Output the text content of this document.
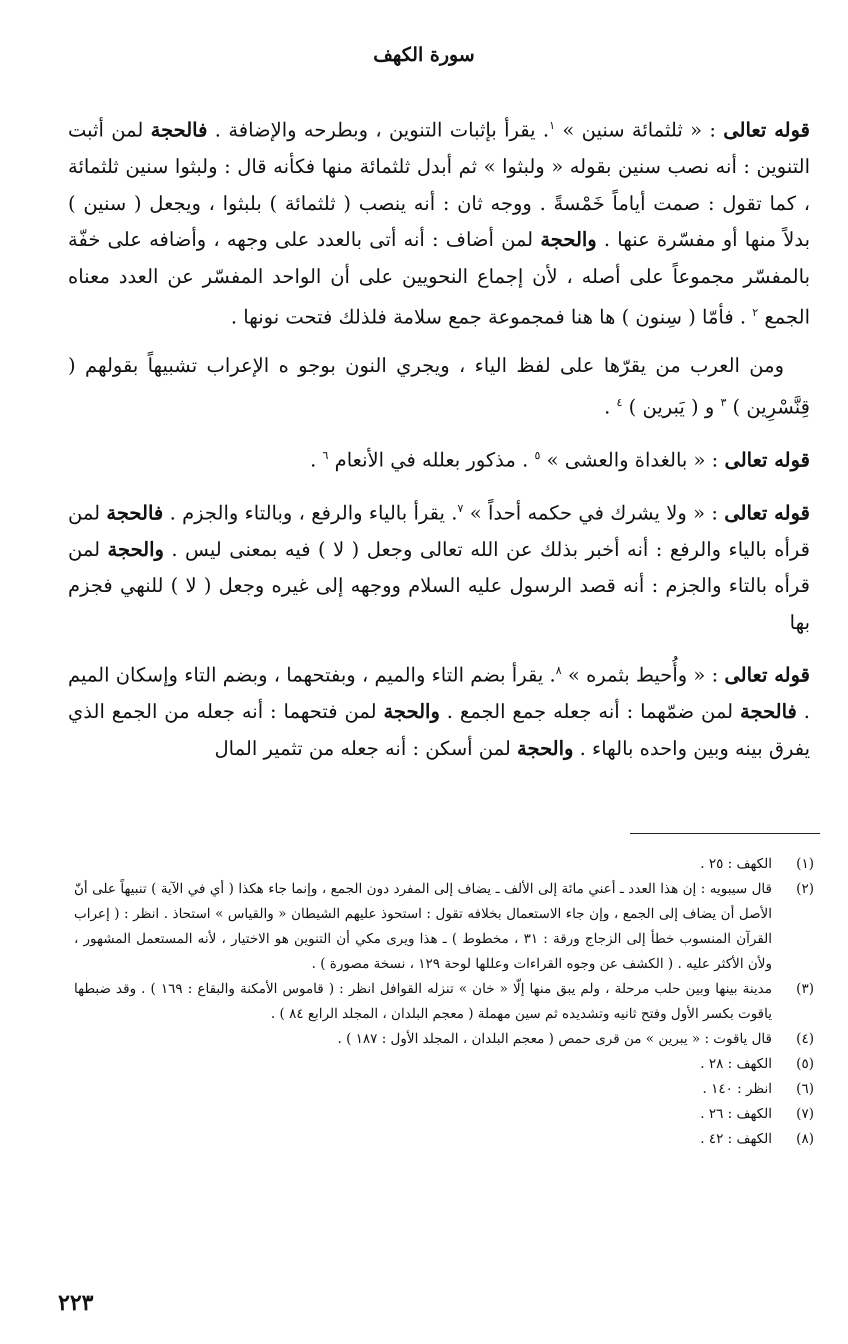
سورة الكهف

قوله تعالى : « ثلثمائة سنين » $^١$. يقرأ بإثبات التنوين ، وبطرحه والإضافة . فالحجة لمن أثبت التنوين : أنه نصب سنين بقوله « ولبثوا » ثم أبدل ثلثمائة منها فكأنه قال : ولبثوا سنين ثلثمائة ، كما تقول : صمت أياماً خَمْسةً . ووجه ثان : أنه ينصب ( ثلثمائة ) بلبثوا ، ويجعل ( سنين ) بدلاً منها أو مفسّرة عنها . والحجة لمن أضاف : أنه أتى بالعدد على وجهه ، وأضافه على خفّة بالمفسّر مجموعاً على أصله ، لأن إجماع النحويين على أن الواحد المفسّر عن العدد معناه الجمع $^٢$ . فأمّا ( سِنون ) ها هنا فمجموعة جمع سلامة فلذلك فتحت نونها .

ومن العرب من يقرّها على لفظ الياء ، ويجري النون بوجو ه الإعراب تشبيهاً بقولهم ( قِنَّسْرِين ) $^٣$ و ( يَبرين ) $^٤$ .

قوله تعالى : « بالغداة والعشى » $^٥$ . مذكور بعلله في الأنعام $^٦$ .

قوله تعالى : « ولا يشرك في حكمه أحداً » $^٧$. يقرأ بالياء والرفع ، وبالتاء والجزم . فالحجة لمن قرأه بالياء والرفع : أنه أخبر بذلك عن الله تعالى وجعل ( لا ) فيه بمعنى ليس . والحجة لمن قرأه بالتاء والجزم : أنه قصد الرسول عليه السلام ووجهه إلى غيره وجعل ( لا ) للنهي فجزم بها

قوله تعالى : « وأُحيط بثمره » $^٨$. يقرأ بضم التاء والميم ، وبفتحهما ، وبضم التاء وإسكان الميم . فالحجة لمن ضمّهما : أنه جعله جمع الجمع . والحجة لمن فتحهما : أنه جعله من الجمع الذي يفرق بينه وبين واحده بالهاء . والحجة لمن أسكن : أنه جعله من تثمير المال

(١)
الكهف : ٢٥ .
(٢)
قال سيبويه : إن هذا العدد ـ أعني مائة إلى الألف ـ يضاف إلى المفرد دون الجمع ، وإنما جاء هكذا ( أي في الآية ) تنبيهاً على أنّ الأصل أن يضاف إلى الجمع ، وإن جاء الاستعمال بخلافه تقول : استحوذ عليهم الشيطان « والقياس » استحاذ . انظر : ( إعراب القرآن المنسوب خطأ إلى الزجاج ورقة : ٣١ ، مخطوط ) ـ هذا ويرى مكي أن التنوين هو الاختيار ، لأنه المستعمل المشهور ، ولأن الأكثر عليه . ( الكشف عن وجوه القراءات وعللها لوحة ١٢٩ ، نسخة مصورة ) .
(٣)
مدينة بينها وبين حلب مرحلة ، ولم يبق منها إلّا « خان » تنزله القوافل انظر : ( قاموس الأمكنة والبقاع : ١٦٩ ) . وقد ضبطها ياقوت بكسر الأول وفتح ثانيه وتشديده ثم سين مهملة ( معجم البلدان ، المجلد الرابع ٨٤ ) .
(٤)
قال ياقوت : « يبرين » من قرى حمص ( معجم البلدان ، المجلد الأول : ١٨٧ ) .
(٥)
الكهف : ٢٨ .
(٦)
انظر : ١٤٠ .
(٧)
الكهف : ٢٦ .
(٨)
الكهف : ٤٢ .
٢٢٣
